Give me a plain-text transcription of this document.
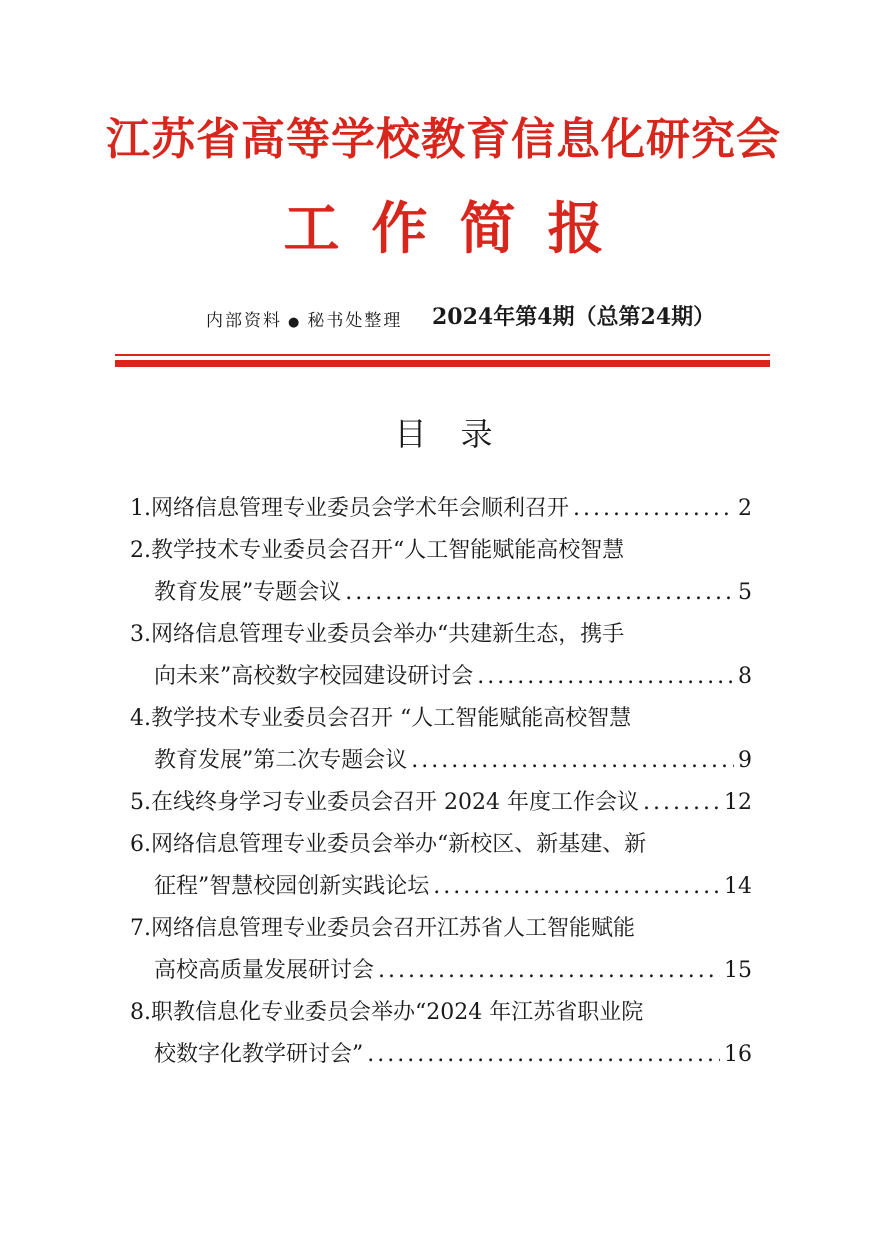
江苏省高等学校教育信息化研究会
工作简报
内部资料 ● 秘书处整理 2024年第4期（总第24期）
目录
1. 网络信息管理专业委员会学术年会顺利召开 .....	2
2.教学技术专业委员会召开“人工智能赋能高校智慧
教育发展”专题会议 .....	5
3.网络信息管理专业委员会举办“共建新生态，携手
向未来”高校数字校园建设研讨会 .....	8
4.教学技术专业委员会召开 “人工智能赋能高校智慧
教育发展”第二次专题会议 .....	9
5. 在线终身学习专业委员会召开 2024 年度工作会议 .....	12
6.网络信息管理专业委员会举办“新校区、新基建、新
征程”智慧校园创新实践论坛 .....	14
7.网络信息管理专业委员会召开江苏省人工智能赋能
高校高质量发展研讨会 .....	15
8.职教信息化专业委员会举办“2024 年江苏省职业院
校数字化教学研讨会” .....	16
